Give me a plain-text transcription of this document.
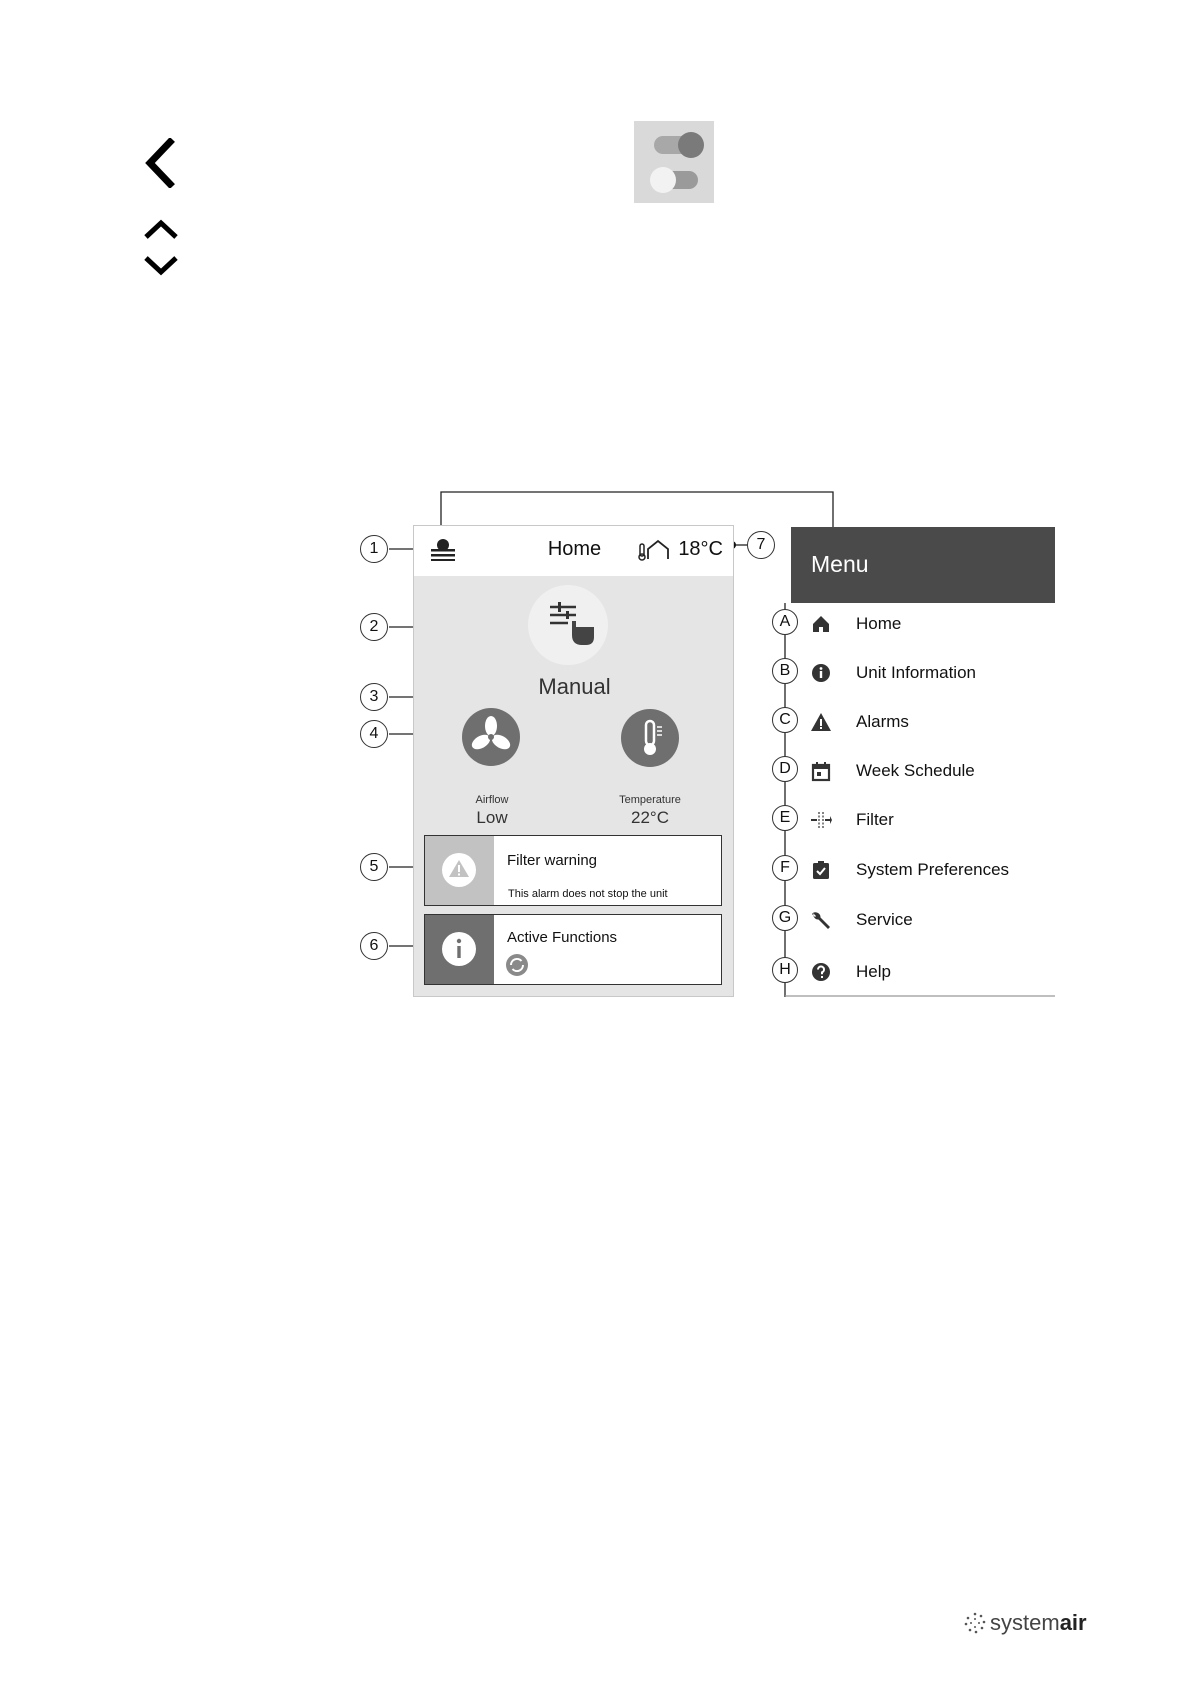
Home	18°C
Manual
Airflow
Low
Temperature
22°C
Filter warning
This alarm does not stop the unit
Active Functions
1
2
3
4
5
6
7
Menu
A	Home
B	Unit Information
C	Alarms
D	Week Schedule
E	Filter
F	System Preferences
G	Service
H	Help
systemair
